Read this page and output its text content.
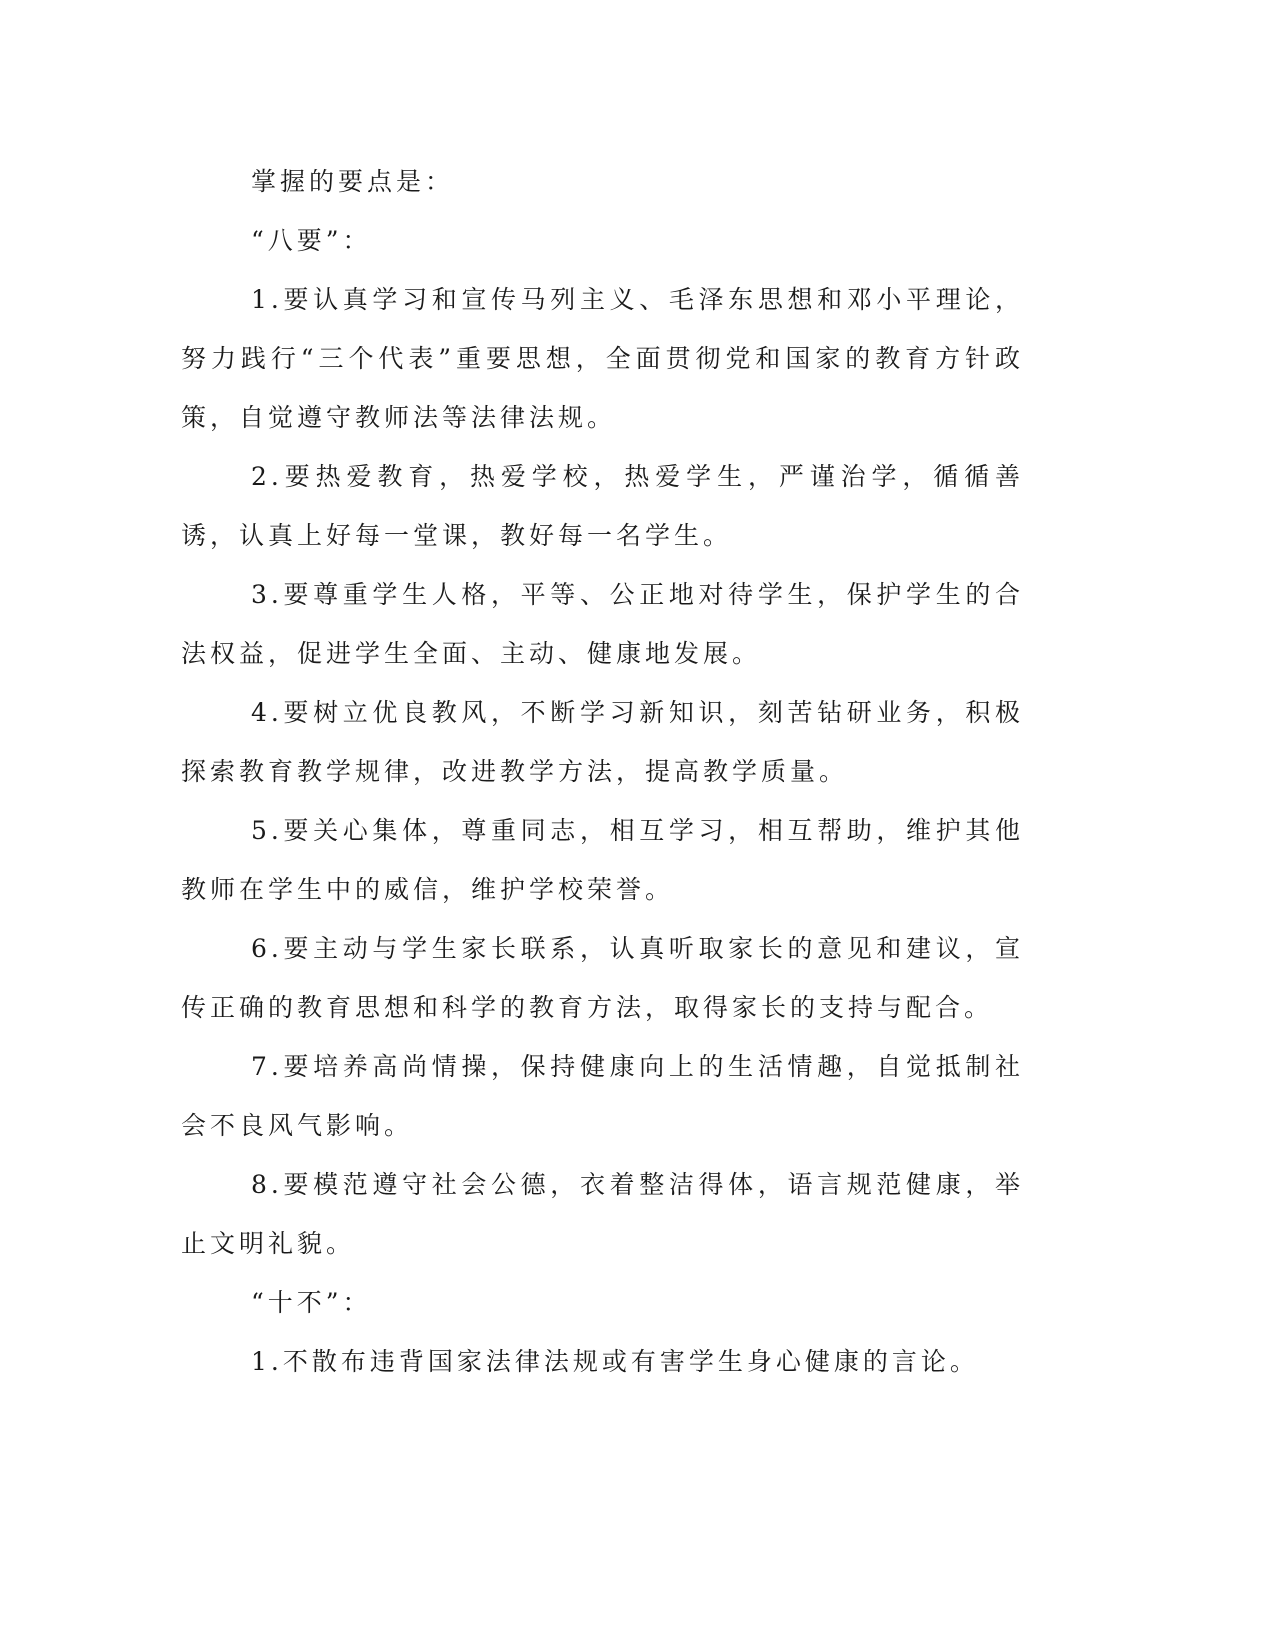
掌握的要点是：

“八要”：

1.要认真学习和宣传马列主义、毛泽东思想和邓小平理论，努力践行“三个代表”重要思想，全面贯彻党和国家的教育方针政策，自觉遵守教师法等法律法规。

2.要热爱教育，热爱学校，热爱学生，严谨治学，循循善诱，认真上好每一堂课，教好每一名学生。

3.要尊重学生人格，平等、公正地对待学生，保护学生的合法权益，促进学生全面、主动、健康地发展。

4.要树立优良教风，不断学习新知识，刻苦钻研业务，积极探索教育教学规律，改进教学方法，提高教学质量。

5.要关心集体，尊重同志，相互学习，相互帮助，维护其他教师在学生中的威信，维护学校荣誉。

6.要主动与学生家长联系，认真听取家长的意见和建议，宣传正确的教育思想和科学的教育方法，取得家长的支持与配合。

7.要培养高尚情操，保持健康向上的生活情趣，自觉抵制社会不良风气影响。

8.要模范遵守社会公德，衣着整洁得体，语言规范健康，举止文明礼貌。

“十不”：

1.不散布违背国家法律法规或有害学生身心健康的言论。
